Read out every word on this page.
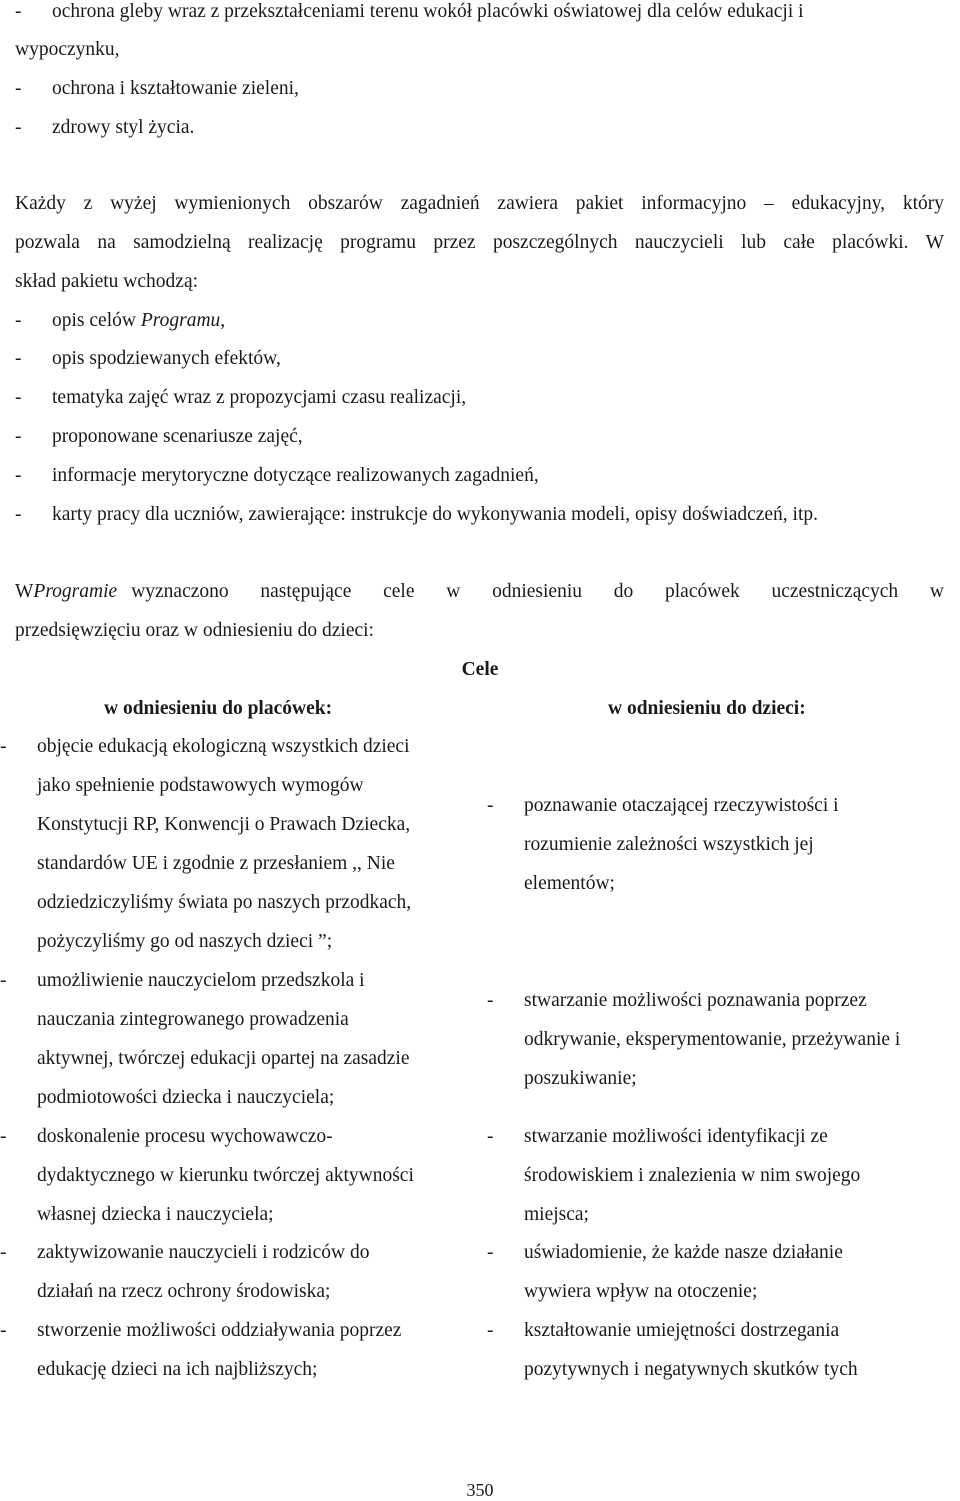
- ochrona gleby wraz z przekształceniami terenu wokół placówki oświatowej dla celów edukacji i
wypoczynku,
- ochrona i kształtowanie zieleni,
- zdrowy styl życia.
Każdy z wyżej wymienionych obszarów zagadnień zawiera pakiet informacyjno – edukacyjny, który
pozwala na samodzielną realizację programu przez poszczególnych nauczycieli lub całe placówki. W
skład pakietu wchodzą:
- opis celów Programu,
- opis spodziewanych efektów,
- tematyka zajęć wraz z propozycjami czasu realizacji,
- proponowane scenariusze zajęć,
- informacje merytoryczne dotyczące realizowanych zagadnień,
- karty pracy dla uczniów, zawierające: instrukcje do wykonywania modeli, opisy doświadczeń, itp.
W Programie wyznaczono następujące cele w odniesieniu do placówek uczestniczących w
przedsięwzięciu oraz w odniesieniu do dzieci:
Cele
w odniesieniu do placówek:	w odniesieniu do dzieci:
- objęcie edukacją ekologiczną wszystkich dzieci
jako spełnienie podstawowych wymogów
Konstytucji RP, Konwencji o Prawach Dziecka,
standardów UE i zgodnie z przesłaniem ,, Nie
odziedziczyliśmy świata po naszych przodkach,
pożyczyliśmy go od naszych dzieci ”;
- umożliwienie nauczycielom przedszkola i
nauczania zintegrowanego prowadzenia
aktywnej, twórczej edukacji opartej na zasadzie
podmiotowości dziecka i nauczyciela;
- doskonalenie procesu wychowawczo-
dydaktycznego w kierunku twórczej aktywności
własnej dziecka i nauczyciela;
- zaktywizowanie nauczycieli i rodziców do
działań na rzecz ochrony środowiska;
- stworzenie możliwości oddziaływania poprzez
edukację dzieci na ich najbliższych;
- poznawanie otaczającej rzeczywistości i
rozumienie zależności wszystkich jej
elementów;
- stwarzanie możliwości poznawania poprzez
odkrywanie, eksperymentowanie, przeżywanie i
poszukiwanie;
- stwarzanie możliwości identyfikacji ze
środowiskiem i znalezienia w nim swojego
miejsca;
- uświadomienie, że każde nasze działanie
wywiera wpływ na otoczenie;
- kształtowanie umiejętności dostrzegania
pozytywnych i negatywnych skutków tych
350
